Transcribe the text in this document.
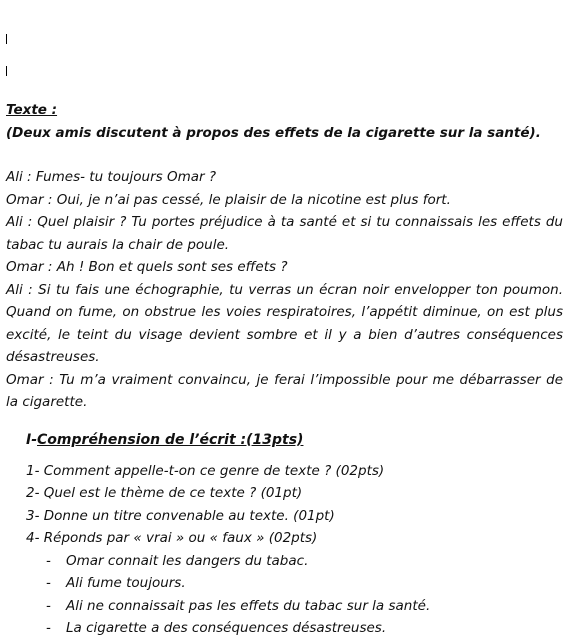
Texte :
(Deux amis discutent à propos des effets de la cigarette sur la santé).

Ali : Fumes- tu toujours Omar ?

Omar : Oui, je n’ai pas cessé, le plaisir de la nicotine est plus fort.

Ali : Quel plaisir ? Tu portes préjudice à ta santé et si tu connaissais les effets du tabac tu aurais la chair de poule.

Omar : Ah ! Bon et quels sont ses effets ?

Ali : Si tu fais une échographie, tu verras un écran noir envelopper ton poumon. Quand on fume, on obstrue les voies respiratoires, l’appétit diminue, on est plus excité, le teint du visage devient sombre et il y a bien d’autres conséquences désastreuses.

Omar : Tu m’a vraiment convaincu, je ferai l’impossible pour me débarrasser de la cigarette.

I-Compréhension de l’écrit :(13pts)
1- Comment appelle-t-on ce genre de texte ? (02pts)
2- Quel est le thème de ce texte ? (01pt)
3- Donne un titre convenable au texte. (01pt)
4- Réponds par « vrai » ou « faux » (02pts)
- Omar connait les dangers du tabac.
- Ali fume toujours.
- Ali ne connaissait pas les effets du tabac sur la santé.
- La cigarette a des conséquences désastreuses.
